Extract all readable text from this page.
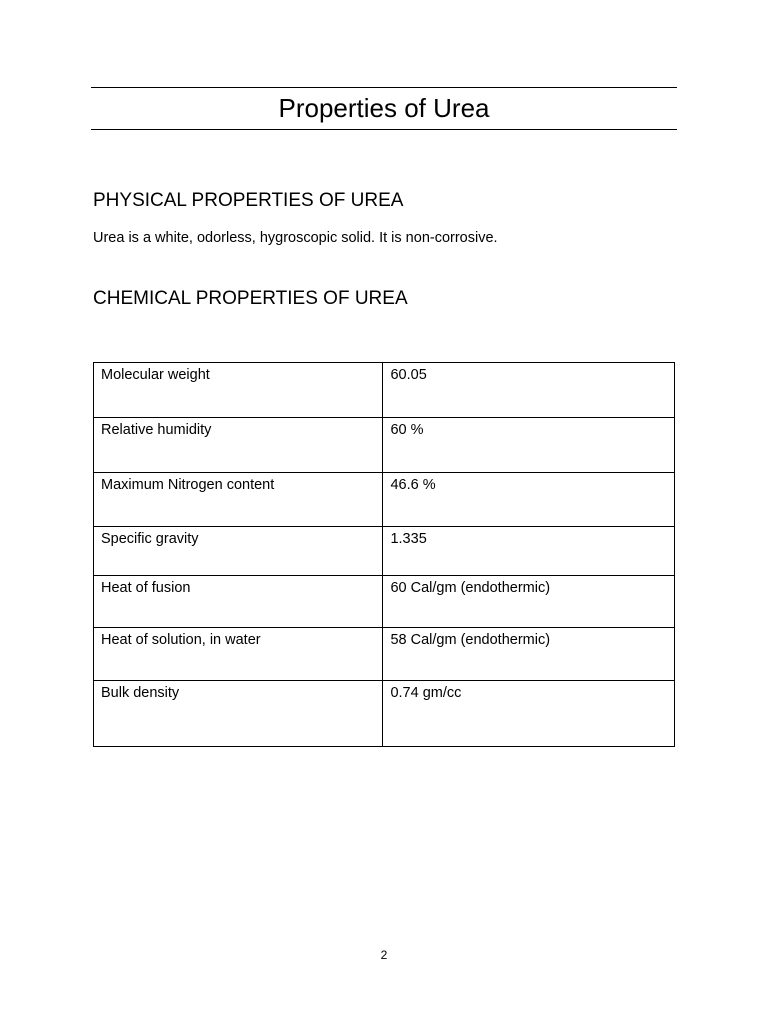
Properties of Urea
PHYSICAL PROPERTIES OF UREA
Urea is a white, odorless, hygroscopic solid. It is non-corrosive.
CHEMICAL PROPERTIES OF UREA
Molecular weight	60.05
Relative humidity	60 %
Maximum Nitrogen content	46.6 %
Specific gravity	1.335
Heat of fusion	60 Cal/gm (endothermic)
Heat of solution, in water	58 Cal/gm (endothermic)
Bulk density	0.74 gm/cc
2
